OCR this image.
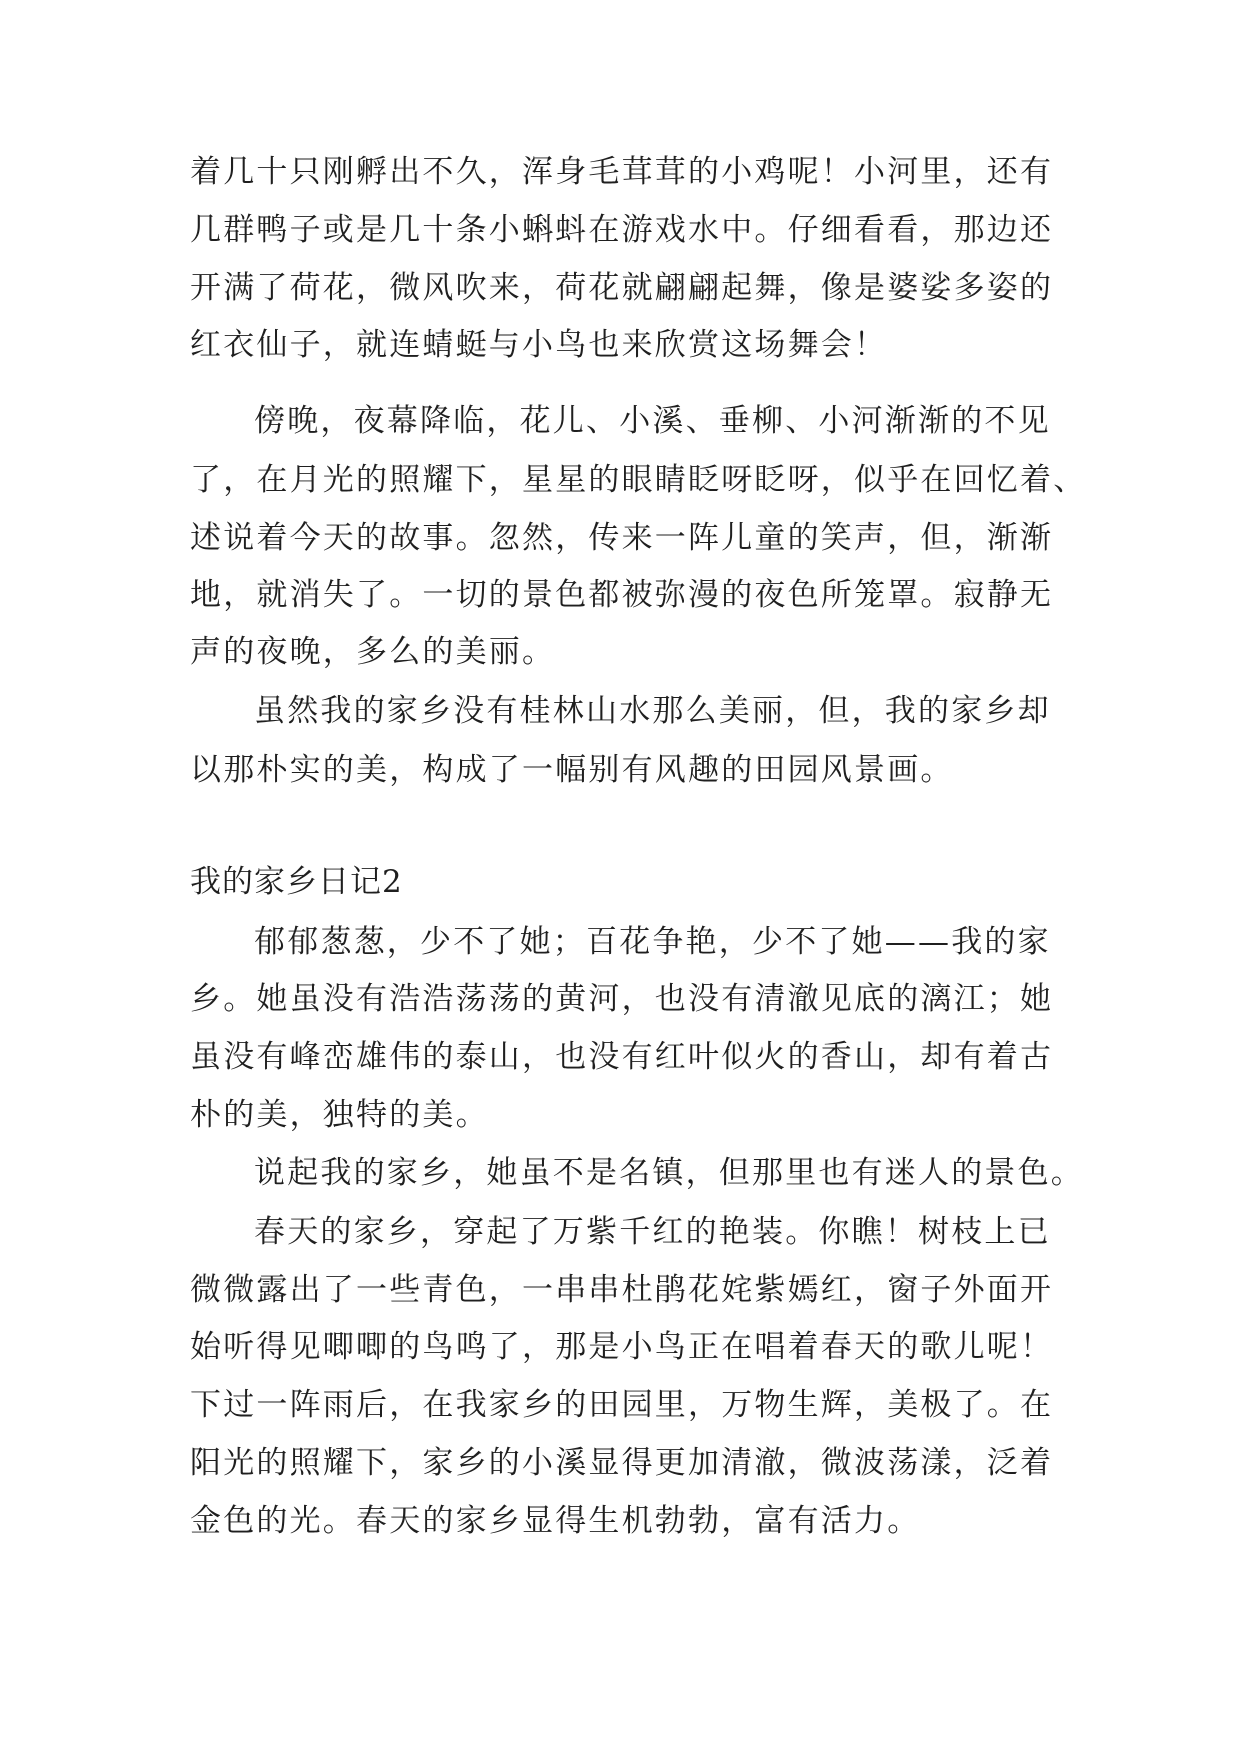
着几十只刚孵出不久，浑身毛茸茸的小鸡呢！小河里，还有
几群鸭子或是几十条小蝌蚪在游戏水中。仔细看看，那边还
开满了荷花，微风吹来，荷花就翩翩起舞，像是婆娑多姿的
红衣仙子，就连蜻蜓与小鸟也来欣赏这场舞会！
傍晚，夜幕降临，花儿、小溪、垂柳、小河渐渐的不见
了，在月光的照耀下，星星的眼睛眨呀眨呀，似乎在回忆着、
述说着今天的故事。忽然，传来一阵儿童的笑声，但，渐渐
地，就消失了。一切的景色都被弥漫的夜色所笼罩。寂静无
声的夜晚，多么的美丽。
虽然我的家乡没有桂林山水那么美丽，但，我的家乡却
以那朴实的美，构成了一幅别有风趣的田园风景画。
我的家乡日记2
郁郁葱葱，少不了她；百花争艳，少不了她——我的家
乡。她虽没有浩浩荡荡的黄河，也没有清澈见底的漓江；她
虽没有峰峦雄伟的泰山，也没有红叶似火的香山，却有着古
朴的美，独特的美。
说起我的家乡，她虽不是名镇，但那里也有迷人的景色。
春天的家乡，穿起了万紫千红的艳装。你瞧！树枝上已
微微露出了一些青色，一串串杜鹃花姹紫嫣红，窗子外面开
始听得见唧唧的鸟鸣了，那是小鸟正在唱着春天的歌儿呢！
下过一阵雨后，在我家乡的田园里，万物生辉，美极了。在
阳光的照耀下，家乡的小溪显得更加清澈，微波荡漾，泛着
金色的光。春天的家乡显得生机勃勃，富有活力。
